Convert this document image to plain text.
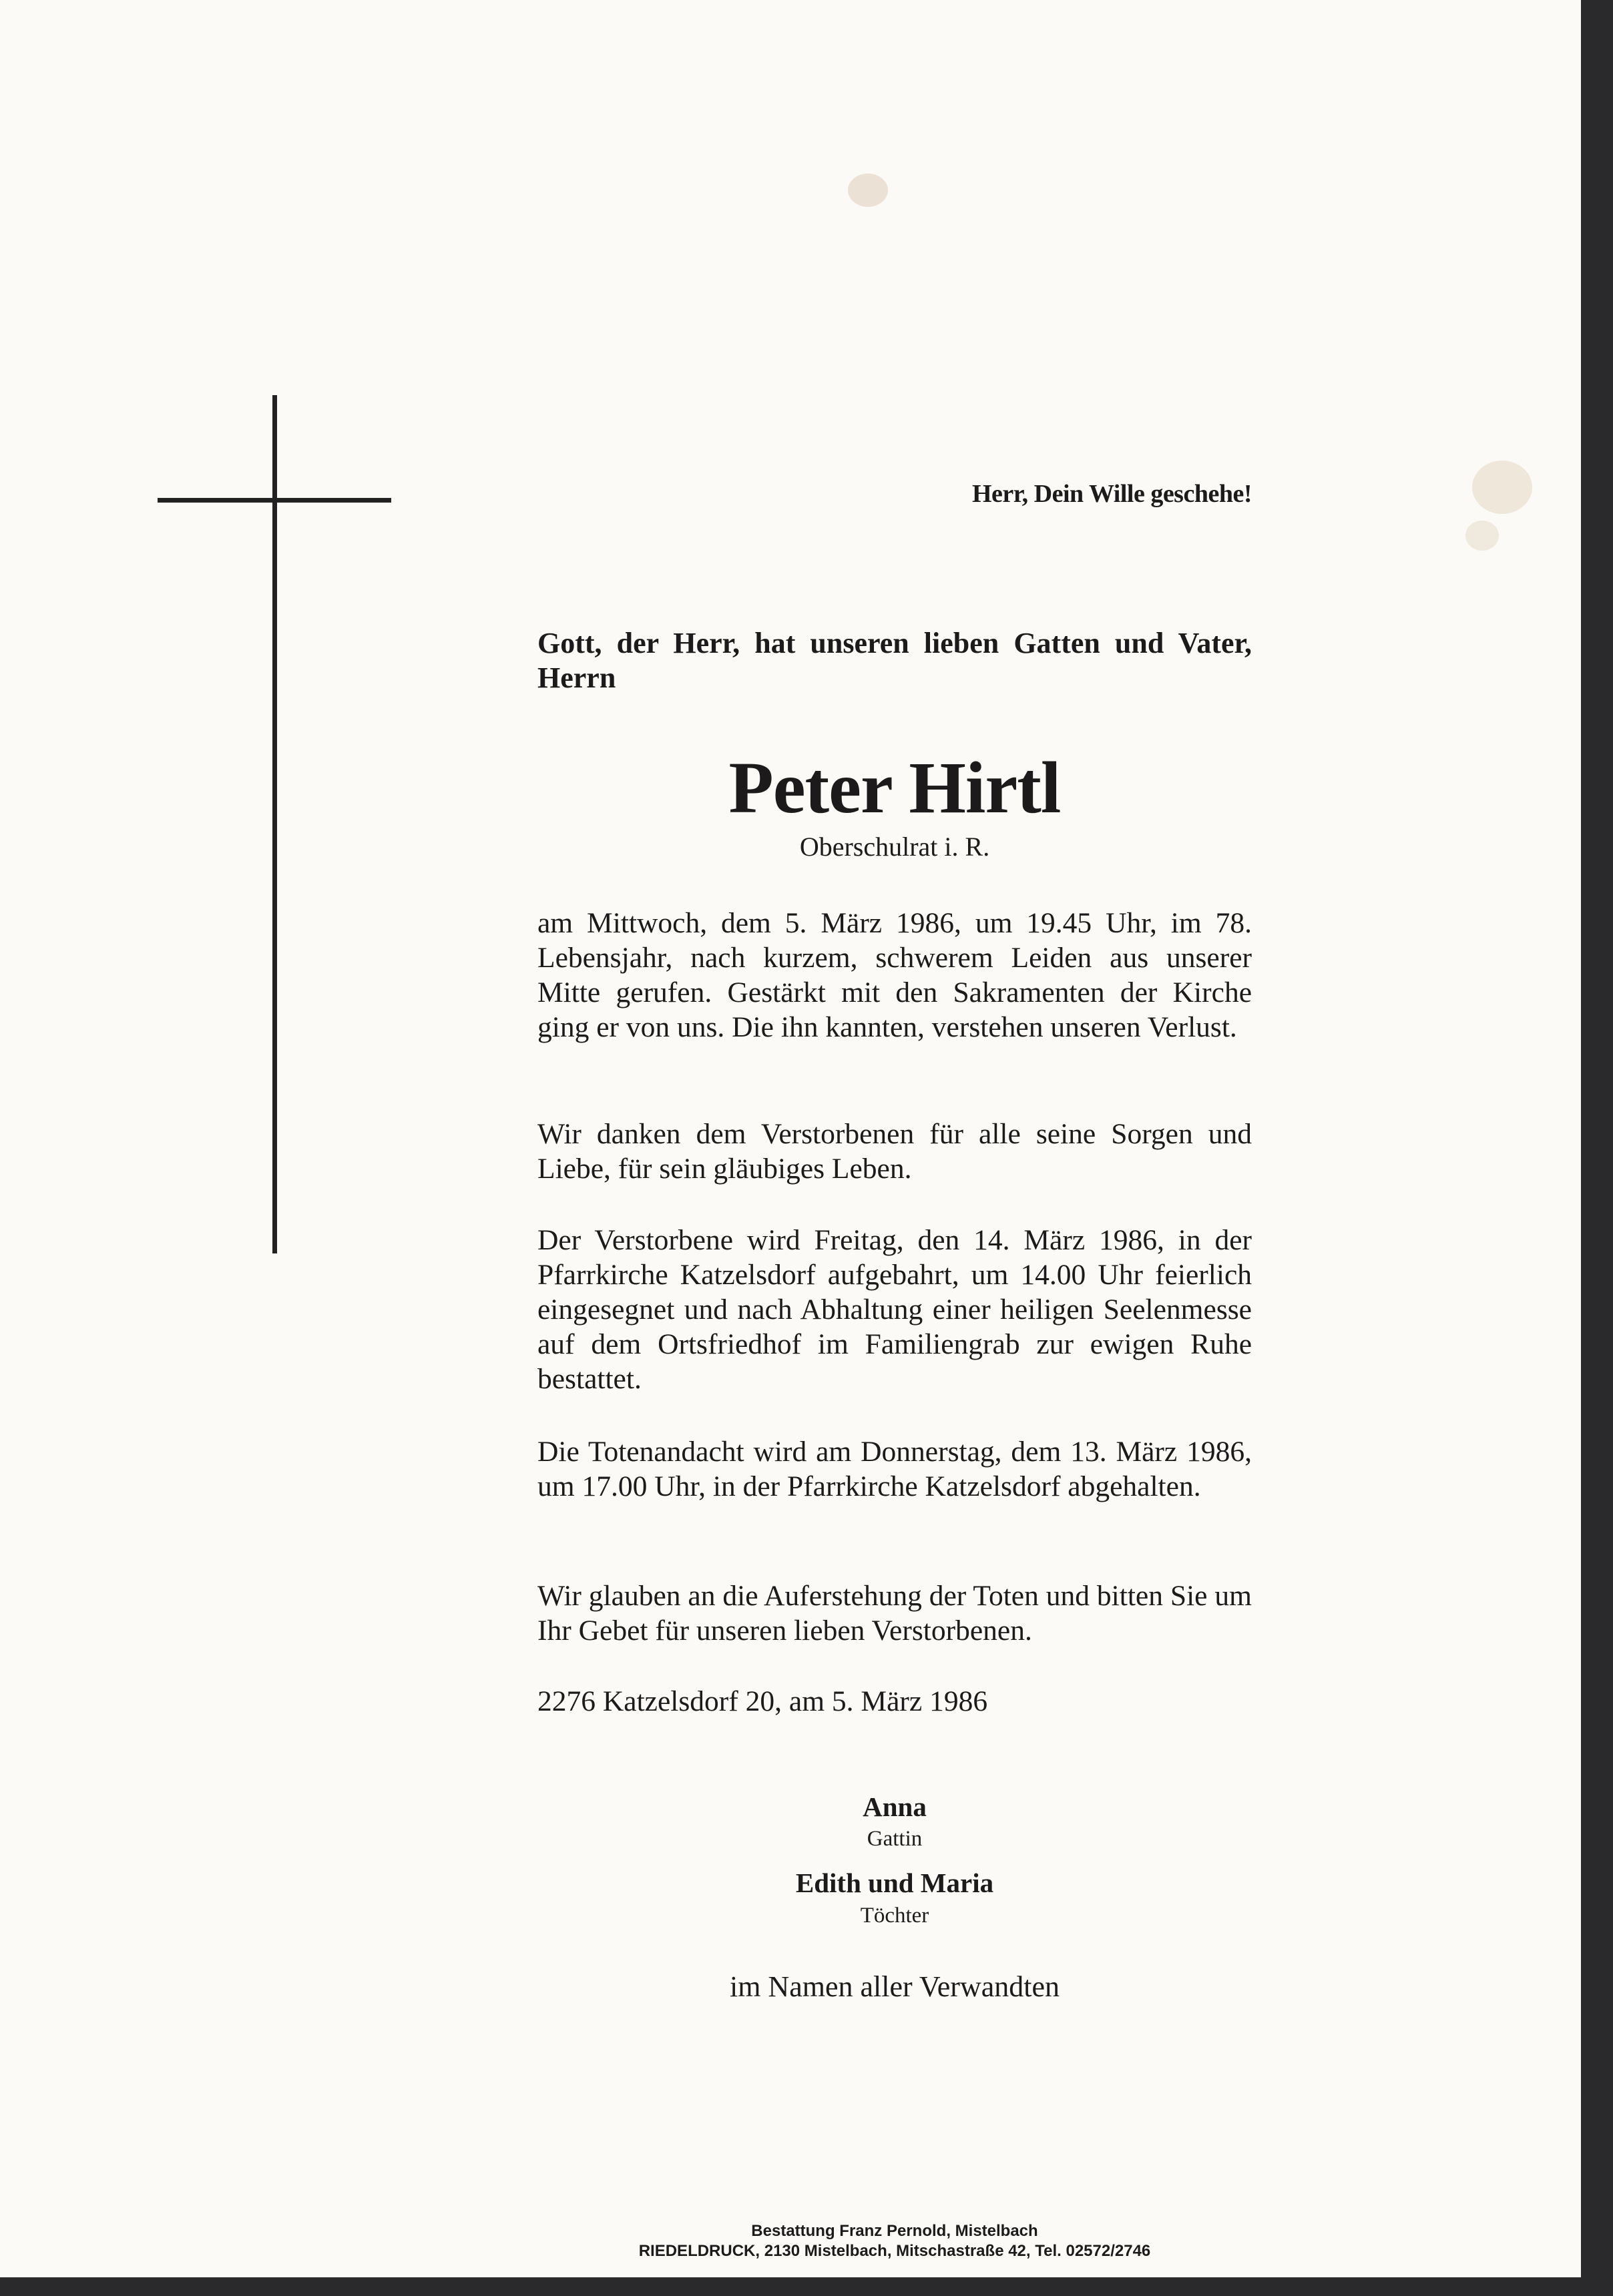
Herr, Dein Wille geschehe!
Gott, der Herr, hat unseren lieben Gatten und Vater, Herrn
Peter Hirtl
Oberschulrat i. R.

am Mittwoch, dem 5. März 1986, um 19.45 Uhr, im 78. Lebensjahr, nach kurzem, schwerem Leiden aus unserer Mitte gerufen. Gestärkt mit den Sakramenten der Kirche ging er von uns. Die ihn kannten, verstehen unseren Verlust.

Wir danken dem Verstorbenen für alle seine Sorgen und Liebe, für sein gläubiges Leben.

Der Verstorbene wird Freitag, den 14. März 1986, in der Pfarrkirche Katzelsdorf aufgebahrt, um 14.00 Uhr feierlich eingesegnet und nach Abhaltung einer heiligen Seelenmesse auf dem Ortsfriedhof im Familiengrab zur ewigen Ruhe bestattet.

Die Totenandacht wird am Donnerstag, dem 13. März 1986, um 17.00 Uhr, in der Pfarrkirche Katzelsdorf abgehalten.

Wir glauben an die Auferstehung der Toten und bitten Sie um Ihr Gebet für unseren lieben Verstorbenen.

2276 Katzelsdorf 20, am 5. März 1986
Anna
Gattin
Edith und Maria
Töchter
im Namen aller Verwandten
Bestattung Franz Pernold, Mistelbach
RIEDELDRUCK, 2130 Mistelbach, Mitschastraße 42, Tel. 02572/2746
